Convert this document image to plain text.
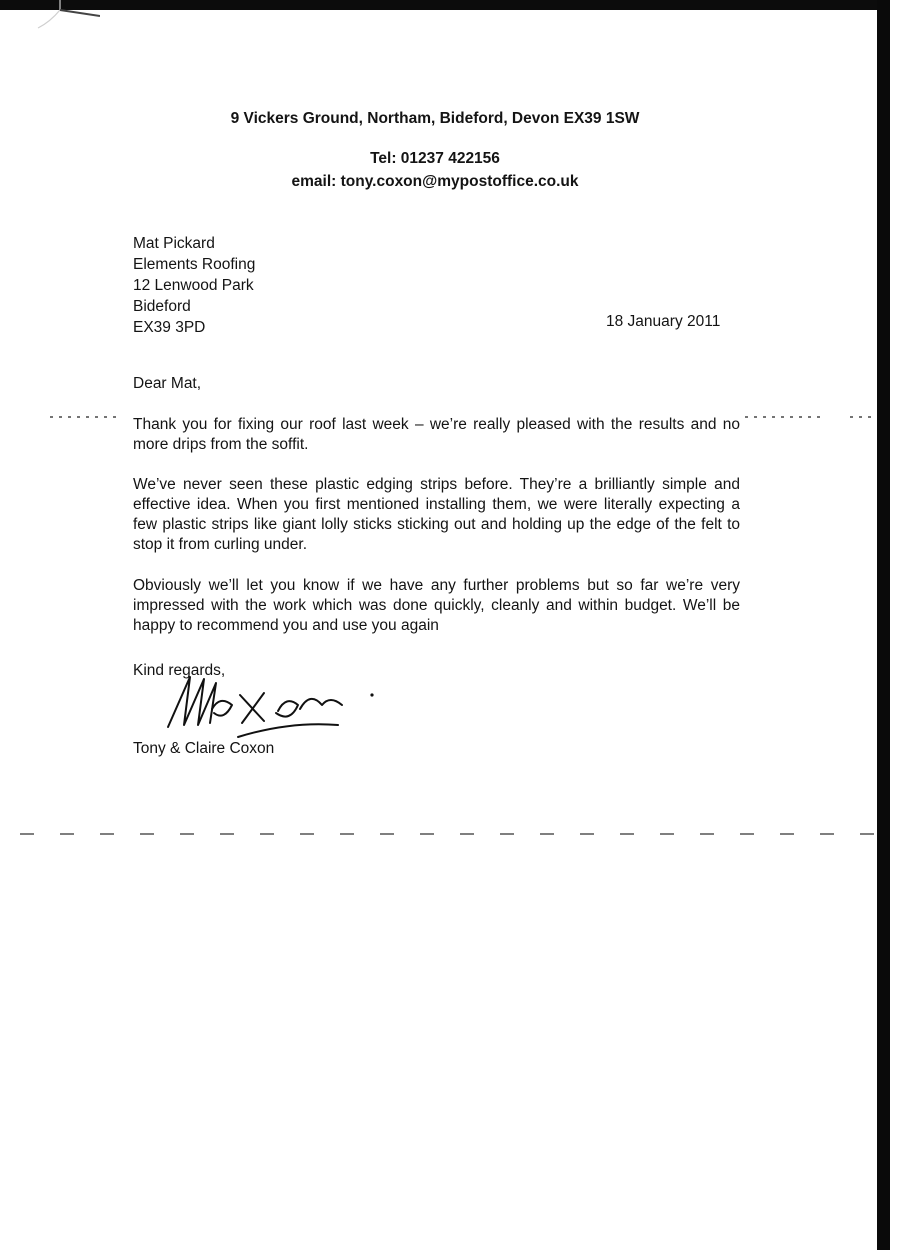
9 Vickers Ground, Northam, Bideford, Devon EX39 1SW
Tel: 01237 422156
email: tony.coxon@mypostoffice.co.uk
Mat Pickard
Elements Roofing
12 Lenwood Park
Bideford
EX39 3PD	18 January 2011
Dear Mat,
Thank you for fixing our roof last week – we’re really pleased with the results and no more drips from the soffit.
We’ve never seen these plastic edging strips before. They’re a brilliantly simple and effective idea. When you first mentioned installing them, we were literally expecting a few plastic strips like giant lolly sticks sticking out and holding up the edge of the felt to stop it from curling under.
Obviously we’ll let you know if we have any further problems but so far we’re very impressed with the work which was done quickly, cleanly and within budget. We’ll be happy to recommend you and use you again
Kind regards,
Tony & Claire Coxon
